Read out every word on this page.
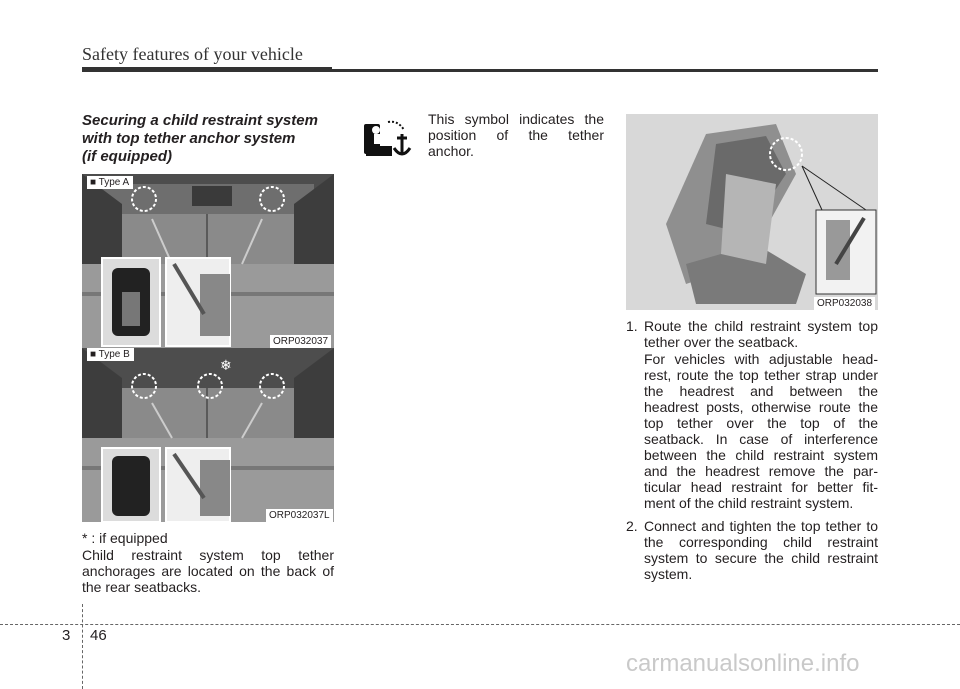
Safety features of your vehicle
Securing a child restraint system
with top tether anchor system
(if equipped)
■ Type A
ORP032037
❄
■ Type B
ORP032037L
* : if equipped
Child restraint system top tether anchorages are located on the back of the rear seatbacks.
This symbol indicates the position of the tether anchor.
ORP032038
1. Route the child restraint system top tether over the seatback.
For vehicles with adjustable head-rest, route the top tether strap under the headrest and between the headrest posts, otherwise route the top tether over the top of the seatback. In case of interference between the child restraint system and the headrest remove the par-ticular head restraint for better fit-ment of the child restraint system.
2. Connect and tighten the top tether to the corresponding child restraint system to secure the child restraint system.
3 46
carmanualsonline.info
